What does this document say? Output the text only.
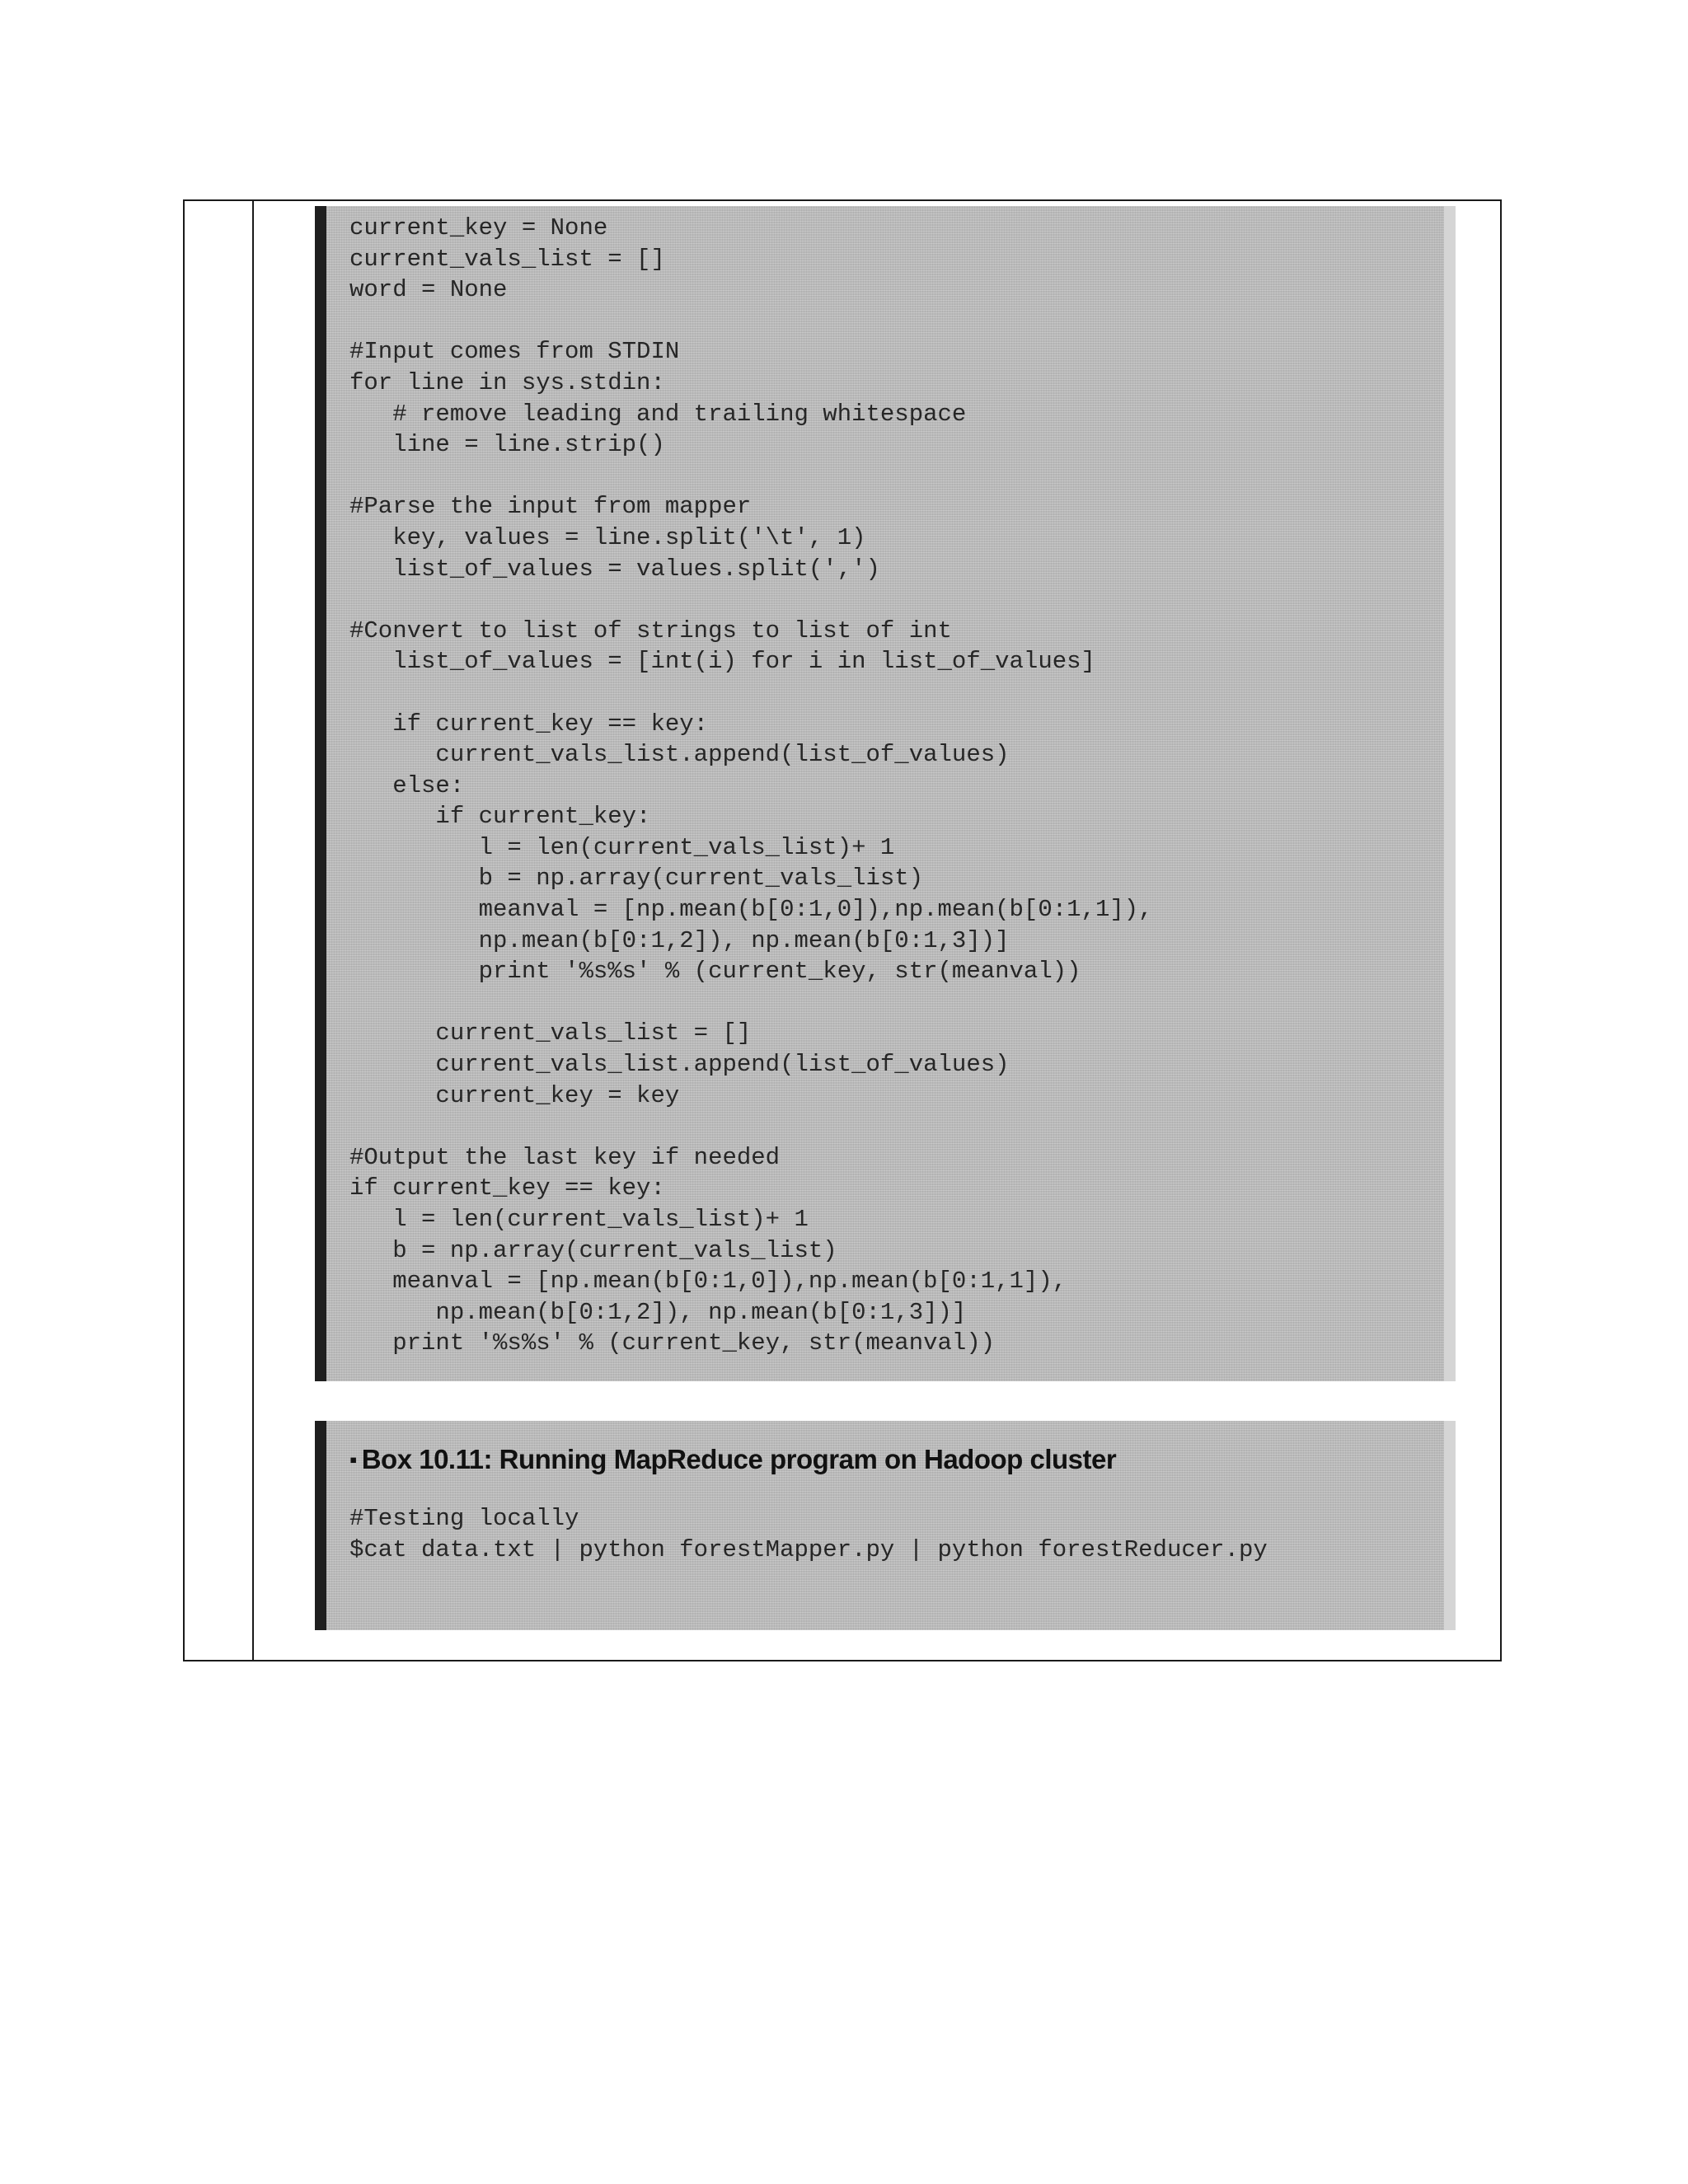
current_key = None
current_vals_list = []
word = None

#Input comes from STDIN
for line in sys.stdin:
# remove leading and trailing whitespace
line = line.strip()

#Parse the input from mapper
key, values = line.split('\t', 1)
list_of_values = values.split(',')

#Convert to list of strings to list of int
list_of_values = [int(i) for i in list_of_values]

if current_key == key:
current_vals_list.append(list_of_values)
else:
if current_key:
l = len(current_vals_list)+ 1
b = np.array(current_vals_list)
meanval = [np.mean(b[0:1,0]),np.mean(b[0:1,1]),
np.mean(b[0:1,2]), np.mean(b[0:1,3])]
print '%s%s' % (current_key, str(meanval))

current_vals_list = []
current_vals_list.append(list_of_values)
current_key = key

#Output the last key if needed
if current_key == key:
l = len(current_vals_list)+ 1
b = np.array(current_vals_list)
meanval = [np.mean(b[0:1,0]),np.mean(b[0:1,1]),
np.mean(b[0:1,2]), np.mean(b[0:1,3])]
print '%s%s' % (current_key, str(meanval))
▪ Box 10.11: Running MapReduce program on Hadoop cluster
#Testing locally
$cat data.txt | python forestMapper.py | python forestReducer.py
